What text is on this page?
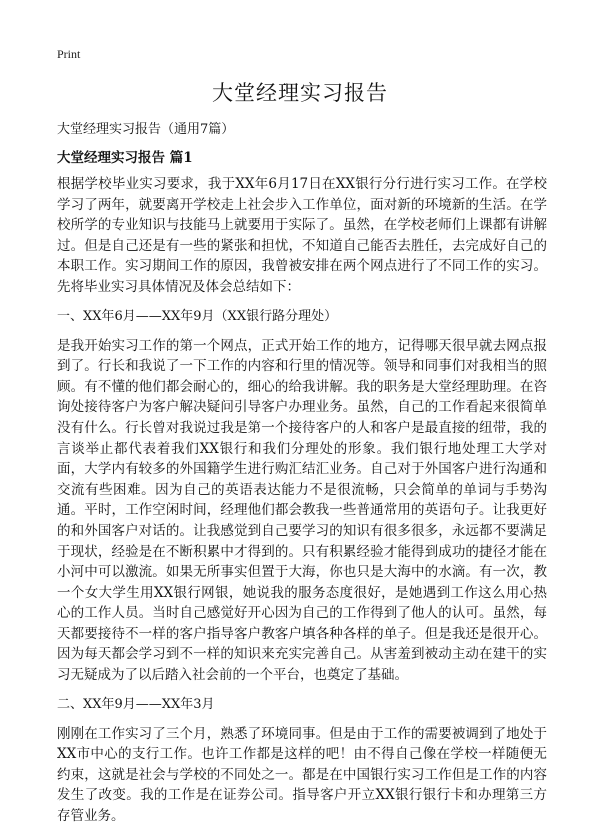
Print
大堂经理实习报告
大堂经理实习报告（通用7篇）
大堂经理实习报告 篇1
根据学校毕业实习要求，我于XX年6月17日在XX银行分行进行实习工作。在学校学习了两年，就要离开学校走上社会步入工作单位，面对新的环境新的生活。在学校所学的专业知识与技能马上就要用于实际了。虽然，在学校老师们上课都有讲解过。但是自己还是有一些的紧张和担忧，不知道自己能否去胜任，去完成好自己的本职工作。实习期间工作的原因，我曾被安排在两个网点进行了不同工作的实习。先将毕业实习具体情况及体会总结如下：
一、XX年6月——XX年9月（XX银行路分理处）
是我开始实习工作的第一个网点，正式开始工作的地方，记得哪天很早就去网点报到了。行长和我说了一下工作的内容和行里的情况等。领导和同事们对我相当的照顾。有不懂的他们都会耐心的，细心的给我讲解。我的职务是大堂经理助理。在咨询处接待客户为客户解决疑问引导客户办理业务。虽然，自己的工作看起来很简单没有什么。行长曾对我说过我是第一个接待客户的人和客户是最直接的纽带，我的言谈举止都代表着我们XX银行和我们分理处的形象。我们银行地处理工大学对面，大学内有较多的外国籍学生进行购汇结汇业务。自己对于外国客户进行沟通和交流有些困难。因为自己的英语表达能力不是很流畅，只会简单的单词与手势沟通。平时，工作空闲时间，经理他们都会教我一些普通常用的英语句子。让我更好的和外国客户对话的。让我感觉到自己要学习的知识有很多很多，永远都不要满足于现状，经验是在不断积累中才得到的。只有积累经验才能得到成功的捷径才能在小河中可以激流。如果无所事实但置于大海，你也只是大海中的水滴。有一次，教一个女大学生用XX银行网银，她说我的服务态度很好，是她遇到工作这么用心热心的工作人员。当时自己感觉好开心因为自己的工作得到了他人的认可。虽然，每天都要接待不一样的客户指导客户教客户填各种各样的单子。但是我还是很开心。因为每天都会学习到不一样的知识来充实完善自己。从害羞到被动主动在建干的实习无疑成为了以后踏入社会前的一个平台，也奠定了基础。
二、XX年9月——XX年3月
刚刚在工作实习了三个月，熟悉了环境同事。但是由于工作的需要被调到了地处于XX市中心的支行工作。也许工作都是这样的吧！由不得自己像在学校一样随便无约束，这就是社会与学校的不同处之一。都是在中国银行实习工作但是工作的内容发生了改变。我的工作是在证券公司。指导客户开立XX银行银行卡和办理第三方存管业务。
